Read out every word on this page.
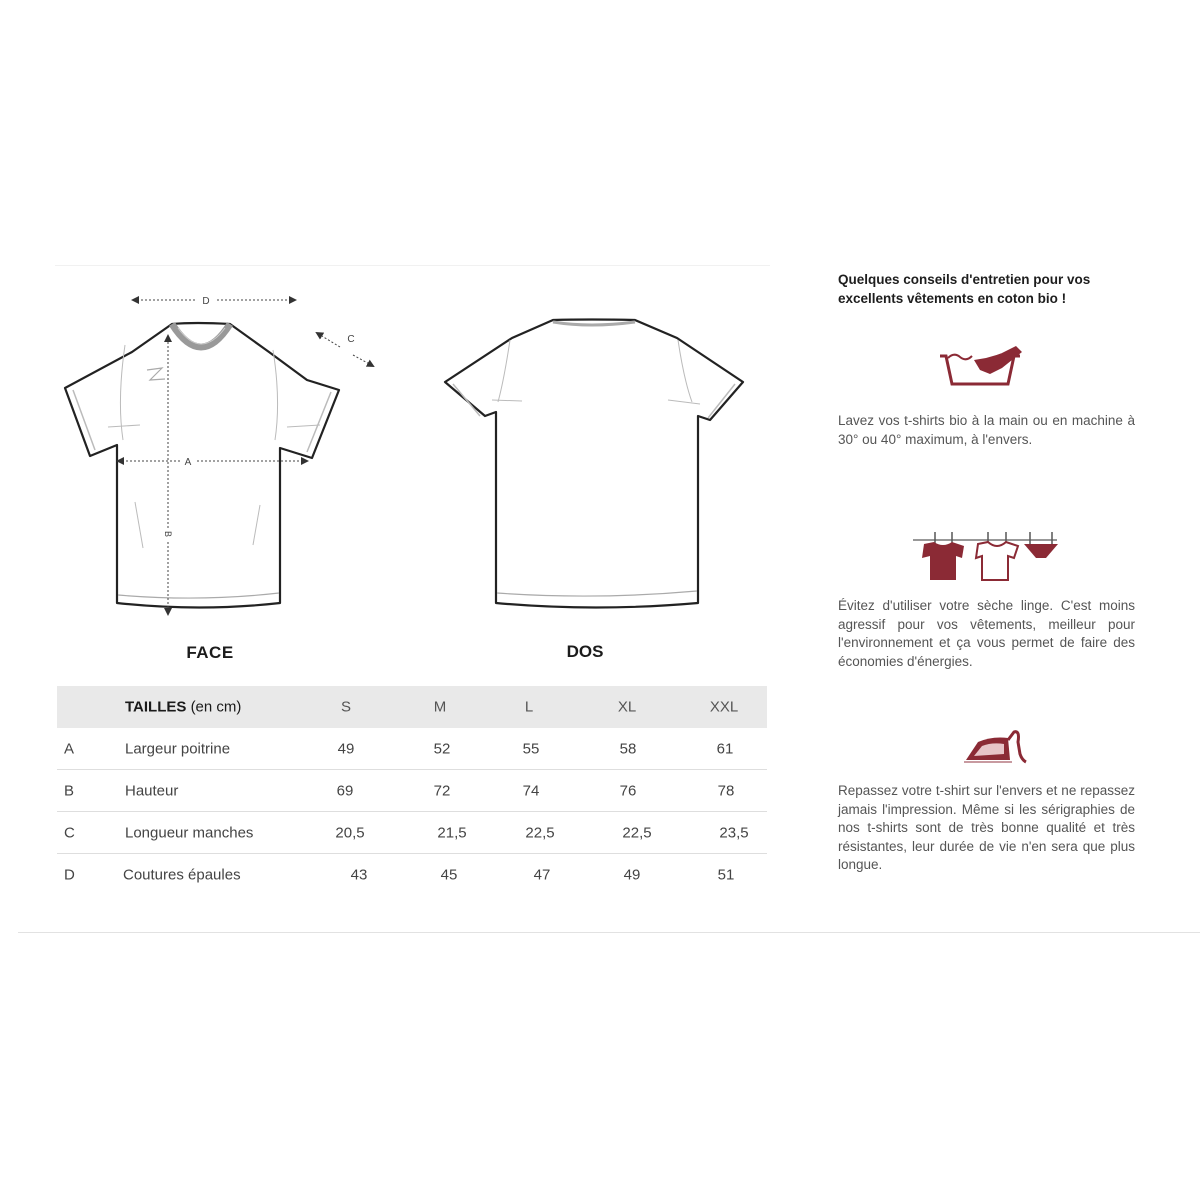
D
C
A
B
FACE	DOS
TAILLES (en cm)	S	M	L	XL	XXL
A	Largeur poitrine	49	52	55	58	61
B	Hauteur	69	72	74	76	78
C	Longueur manches	20,5	21,5	22,5	22,5	23,5
D	Coutures épaules	43	45	47	49	51
Quelques conseils d'entretien pour vos excellents vêtements en coton bio !
Lavez vos t-shirts bio à la main ou en machine à 30° ou 40° maximum, à l'envers.
Évitez d'utiliser votre sèche linge. C'est moins agressif pour vos vêtements, meilleur pour l'environnement et ça vous permet de faire des économies d'énergies.
Repassez votre t-shirt sur l'envers et ne repassez jamais l'impression. Même si les sérigraphies de nos t-shirts sont de très bonne qualité et très résistantes, leur durée de vie n'en sera que plus longue.
